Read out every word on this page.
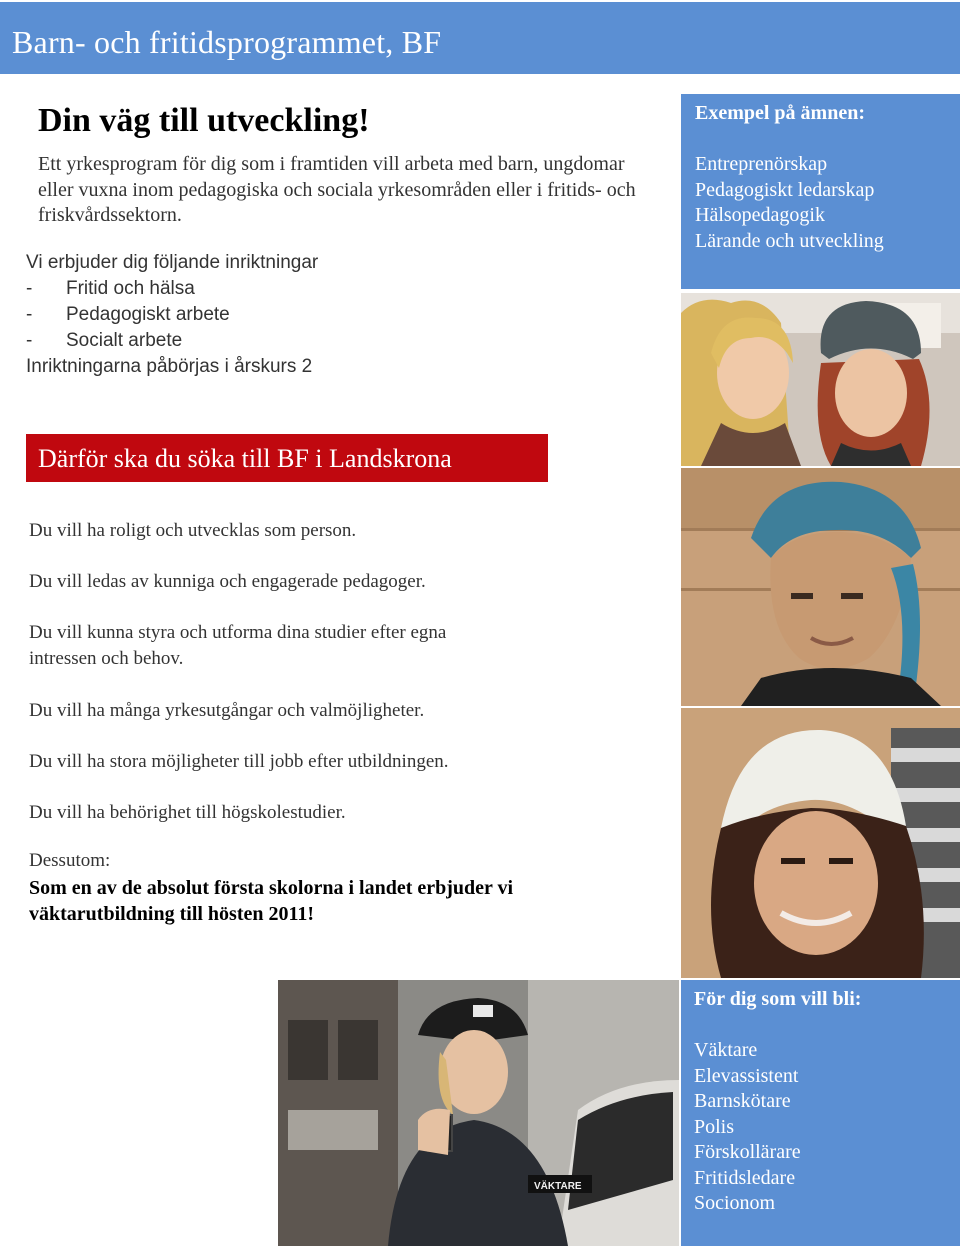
Barn- och fritidsprogrammet, BF
Din väg till utveckling!

Ett yrkesprogram för dig som i framtiden vill arbeta med barn, ungdomar eller vuxna inom pedagogiska och sociala yrkesområden eller i fritids- och friskvårdssektorn.

Vi erbjuder dig följande inriktningar
-	Fritid och hälsa
-	Pedagogiskt arbete
-	Socialt arbete
Inriktningarna påbörjas i årskurs 2
Exempel på ämnen:
Entreprenörskap
Pedagogiskt ledarskap
Hälsopedagogik
Lärande och utveckling
VÄKTARE
Därför ska du söka till BF i Landskrona

Du vill ha roligt och utvecklas som person.

Du vill ledas av kunniga och engagerade pedagoger.

Du vill kunna styra och utforma dina studier efter egna intressen och behov.

Du vill ha många yrkesutgångar och valmöjligheter.

Du vill ha stora möjligheter till jobb efter utbildningen.

Du vill ha behörighet till högskolestudier.

Dessutom:

Som en av de absolut första skolorna i landet erbjuder vi väktarutbildning till hösten 2011!

För dig som vill bli:
Väktare
Elevassistent
Barnskötare
Polis
Förskollärare
Fritidsledare
Socionom
